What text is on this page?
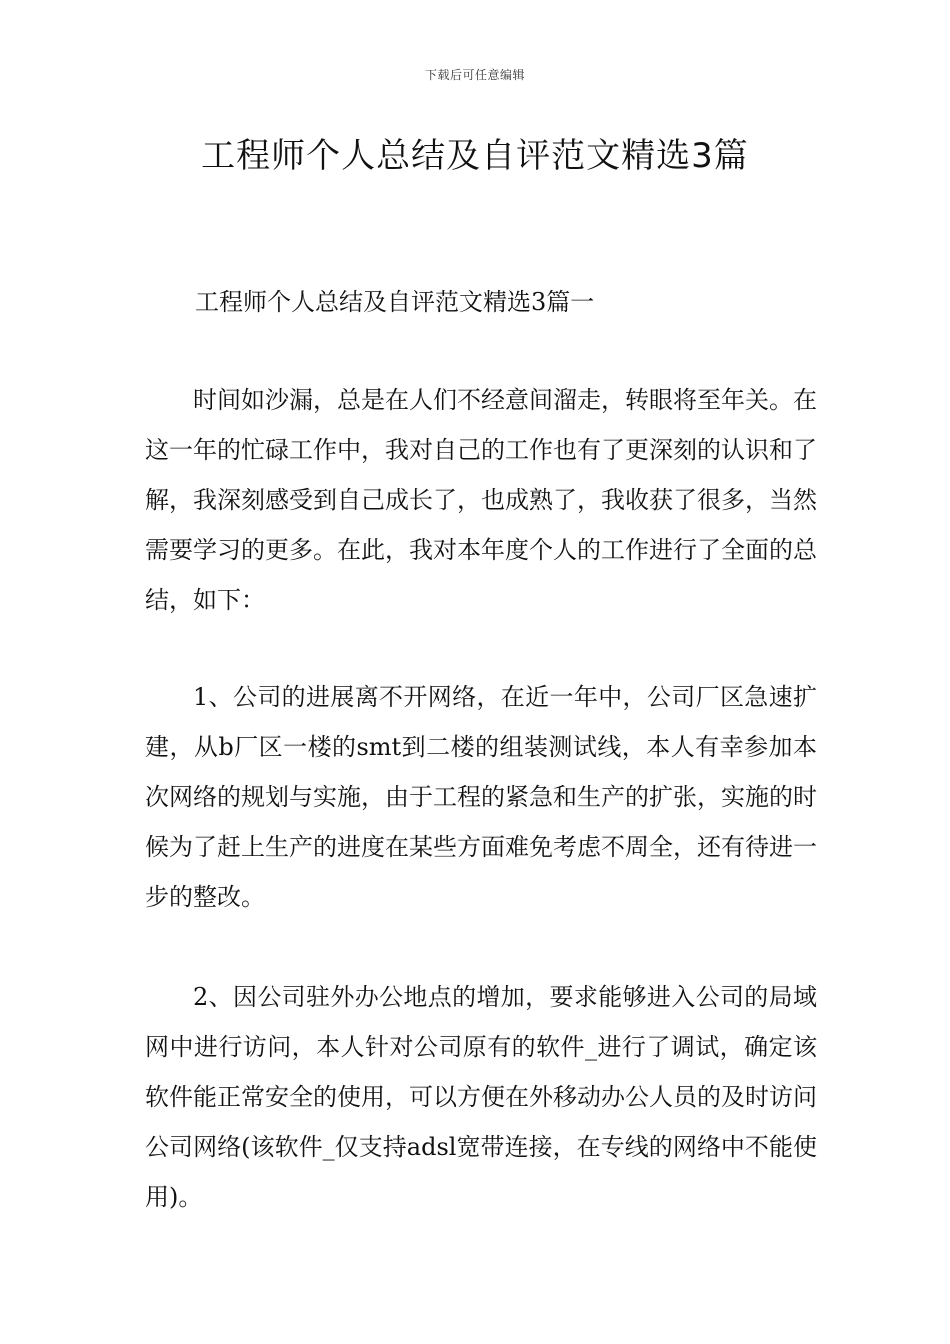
下载后可任意编辑
工程师个人总结及自评范文精选3篇
工程师个人总结及自评范文精选3篇一

时间如沙漏，总是在人们不经意间溜走，转眼将至年关。在这一年的忙碌工作中，我对自己的工作也有了更深刻的认识和了解，我深刻感受到自己成长了，也成熟了，我收获了很多，当然需要学习的更多。在此，我对本年度个人的工作进行了全面的总结，如下：

1、公司的进展离不开网络，在近一年中，公司厂区急速扩建，从b厂区一楼的smt到二楼的组装测试线，本人有幸参加本次网络的规划与实施，由于工程的紧急和生产的扩张，实施的时候为了赶上生产的进度在某些方面难免考虑不周全，还有待进一步的整改。

2、因公司驻外办公地点的增加，要求能够进入公司的局域网中进行访问，本人针对公司原有的软件_进行了调试，确定该软件能正常安全的使用，可以方便在外移动办公人员的及时访问公司网络(该软件_仅支持adsl宽带连接，在专线的网络中不能使用)。
